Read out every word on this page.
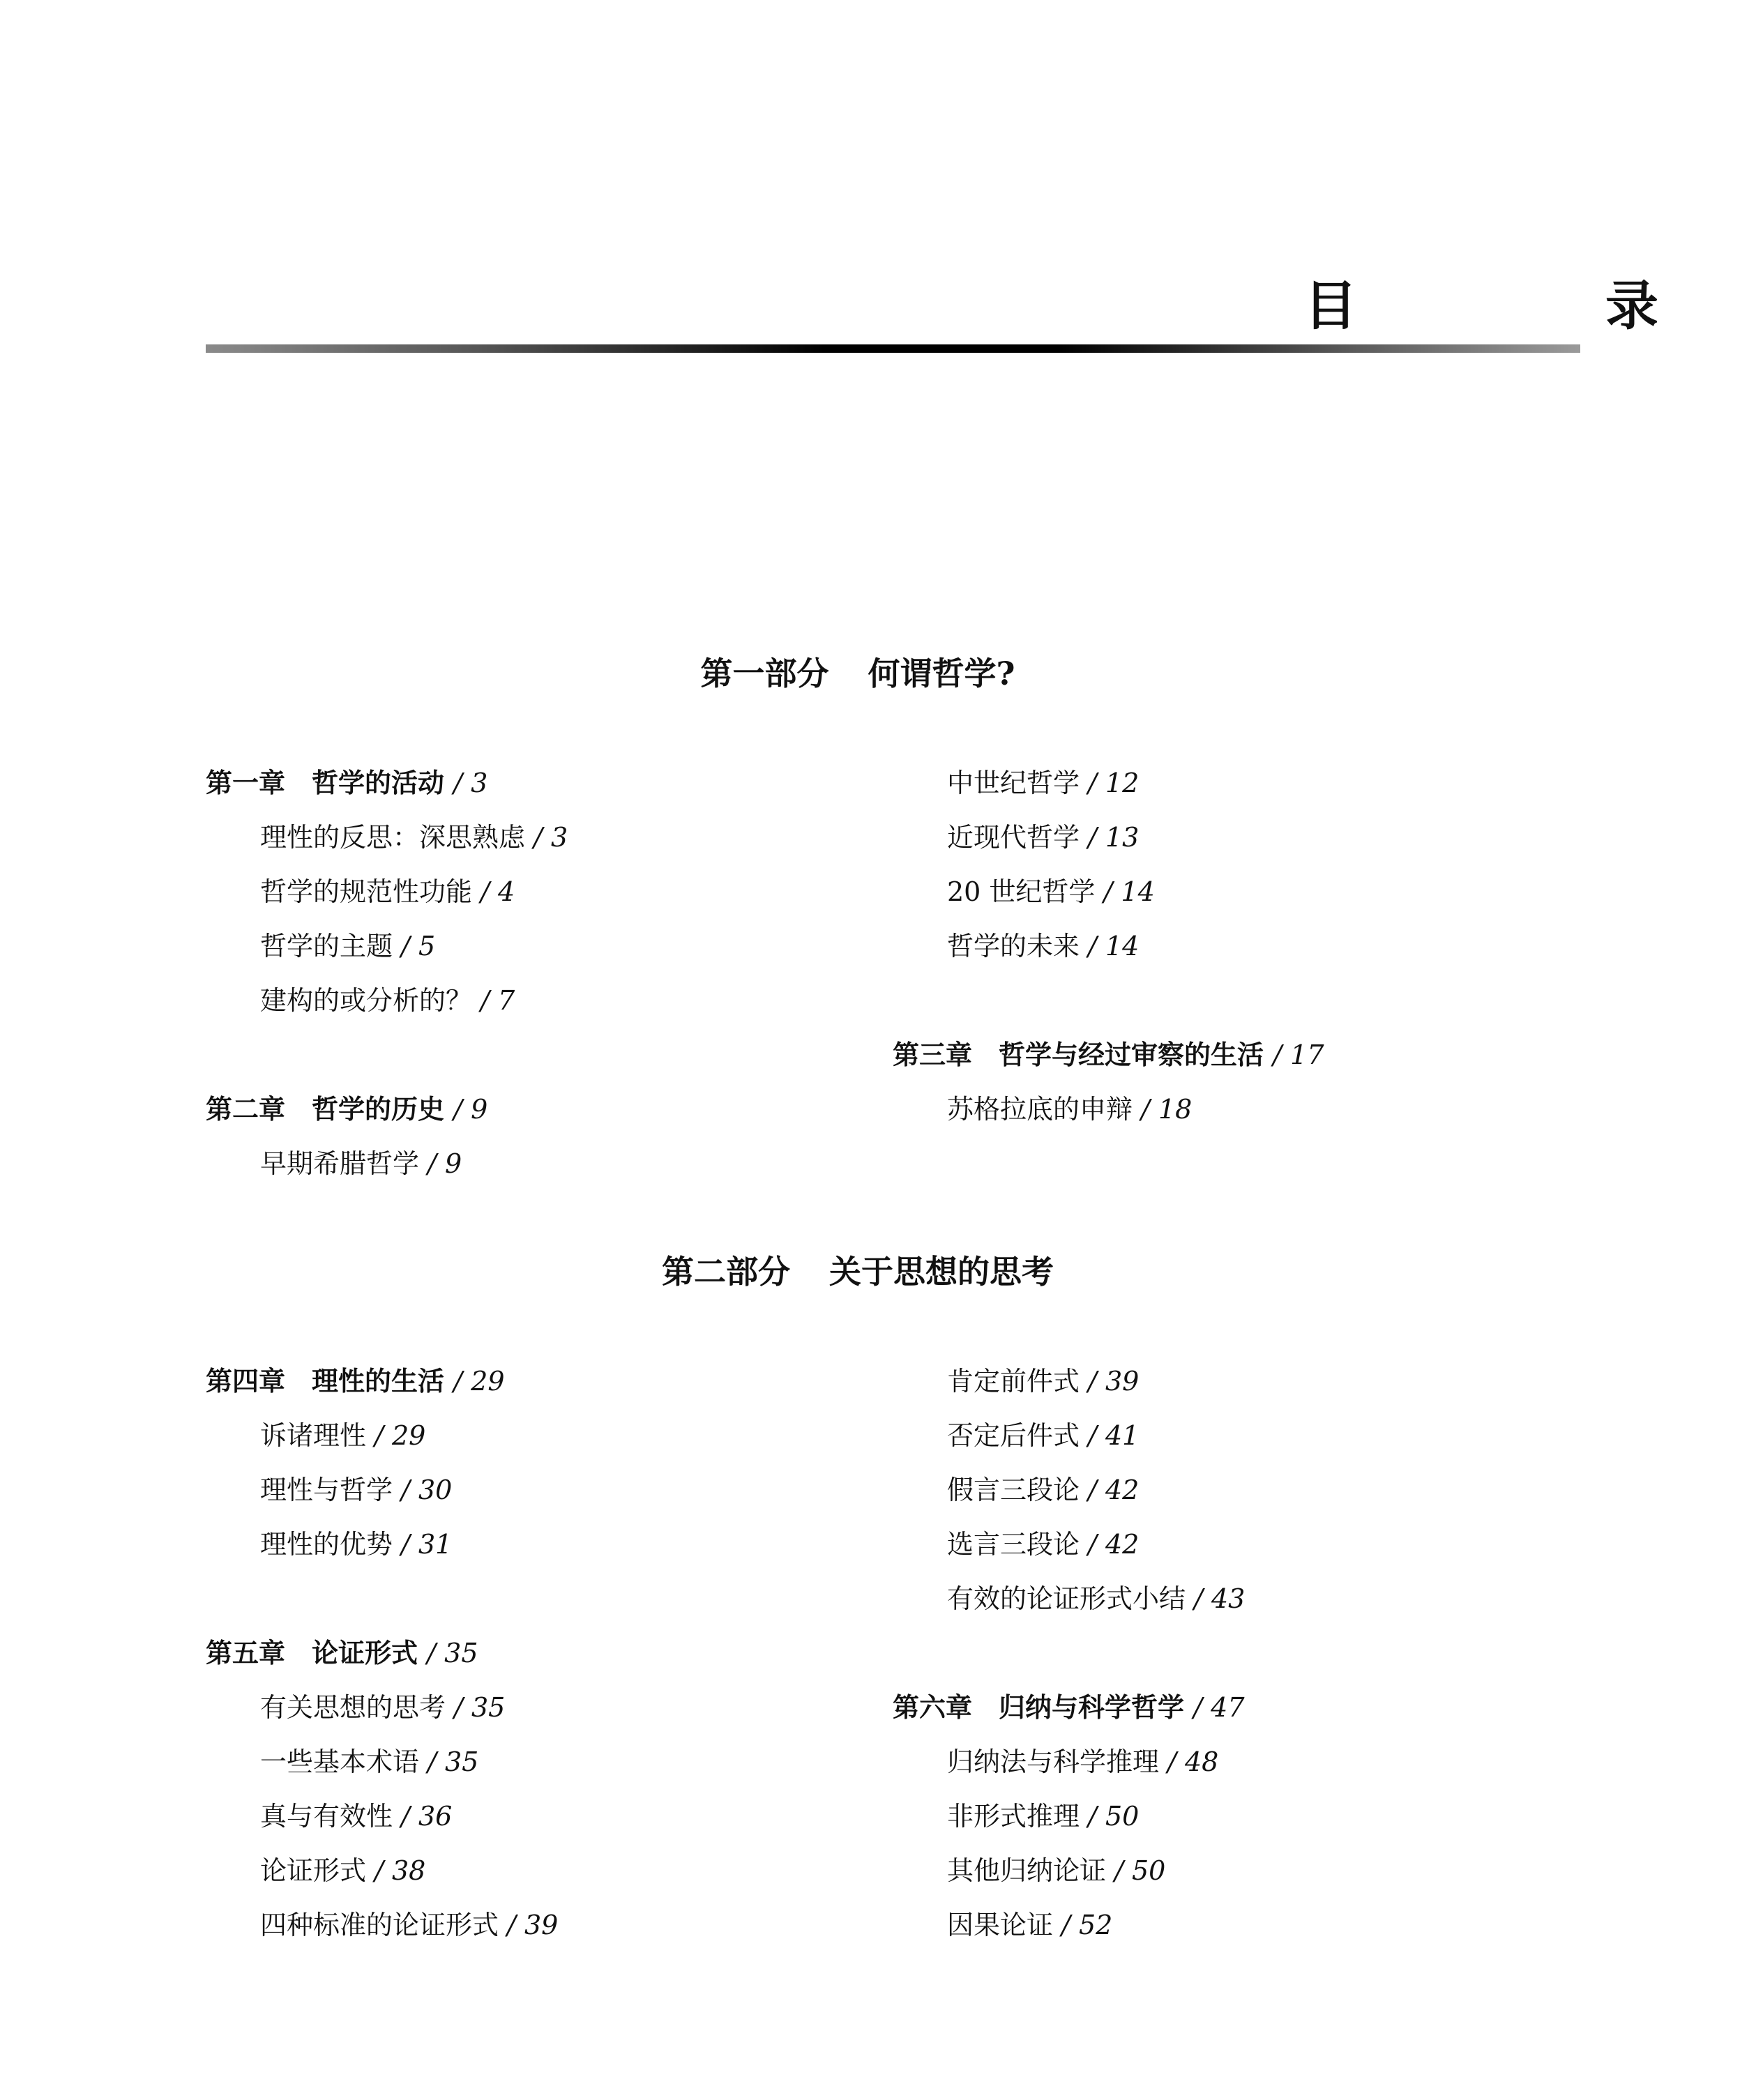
目　录
第一部分 何谓哲学?
第一章 哲学的活动 / 3
理性的反思：深思熟虑 / 3
哲学的规范性功能 / 4
哲学的主题 / 5
建构的或分析的？ / 7
第二章 哲学的历史 / 9
早期希腊哲学 / 9
中世纪哲学 / 12
近现代哲学 / 13
20 世纪哲学 / 14
哲学的未来 / 14
第三章 哲学与经过审察的生活 / 17
苏格拉底的申辩 / 18
第二部分 关于思想的思考
第四章 理性的生活 / 29
诉诸理性 / 29
理性与哲学 / 30
理性的优势 / 31
第五章 论证形式 / 35
有关思想的思考 / 35
一些基本术语 / 35
真与有效性 / 36
论证形式 / 38
四种标准的论证形式 / 39
肯定前件式 / 39
否定后件式 / 41
假言三段论 / 42
选言三段论 / 42
有效的论证形式小结 / 43
第六章 归纳与科学哲学 / 47
归纳法与科学推理 / 48
非形式推理 / 50
其他归纳论证 / 50
因果论证 / 52
